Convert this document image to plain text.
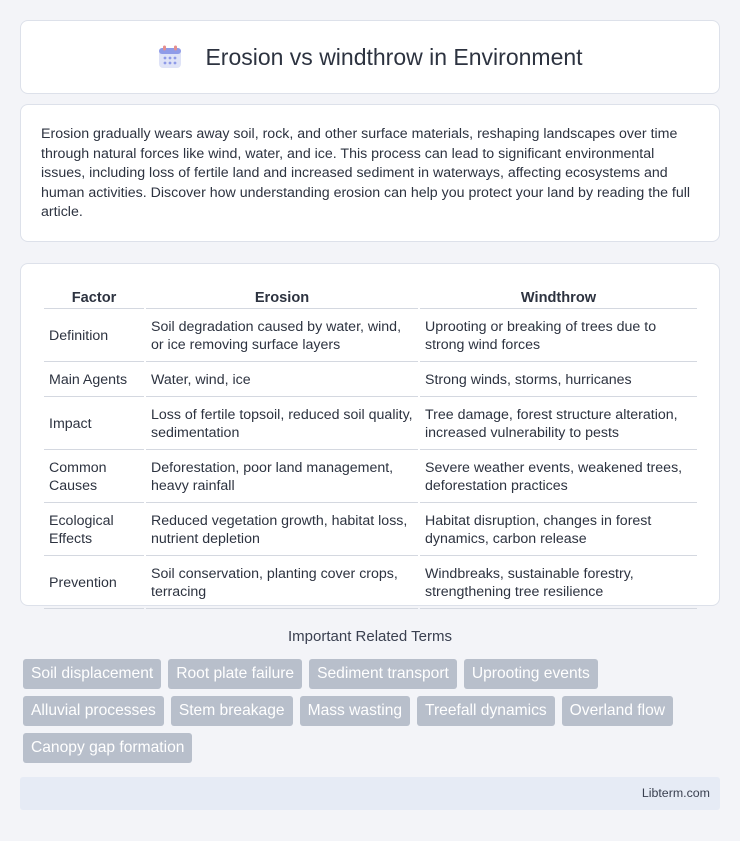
Erosion vs windthrow in Environment

Erosion gradually wears away soil, rock, and other surface materials, reshaping landscapes over time through natural forces like wind, water, and ice. This process can lead to significant environmental issues, including loss of fertile land and increased sediment in waterways, affecting ecosystems and human activities. Discover how understanding erosion can help you protect your land by reading the full article.

Factor	Erosion	Windthrow
Definition	Soil degradation caused by water, wind, or ice removing surface layers	Uprooting or breaking of trees due to strong wind forces
Main Agents	Water, wind, ice	Strong winds, storms, hurricanes
Impact	Loss of fertile topsoil, reduced soil quality, sedimentation	Tree damage, forest structure alteration, increased vulnerability to pests
Common Causes	Deforestation, poor land management, heavy rainfall	Severe weather events, weakened trees, deforestation practices
Ecological Effects	Reduced vegetation growth, habitat loss, nutrient depletion	Habitat disruption, changes in forest dynamics, carbon release
Prevention	Soil conservation, planting cover crops, terracing	Windbreaks, sustainable forestry, strengthening tree resilience
Important Related Terms
Soil displacement	Root plate failure	Sediment transport	Uprooting events
Alluvial processes	Stem breakage	Mass wasting	Treefall dynamics	Overland flow
Canopy gap formation
Libterm.com
